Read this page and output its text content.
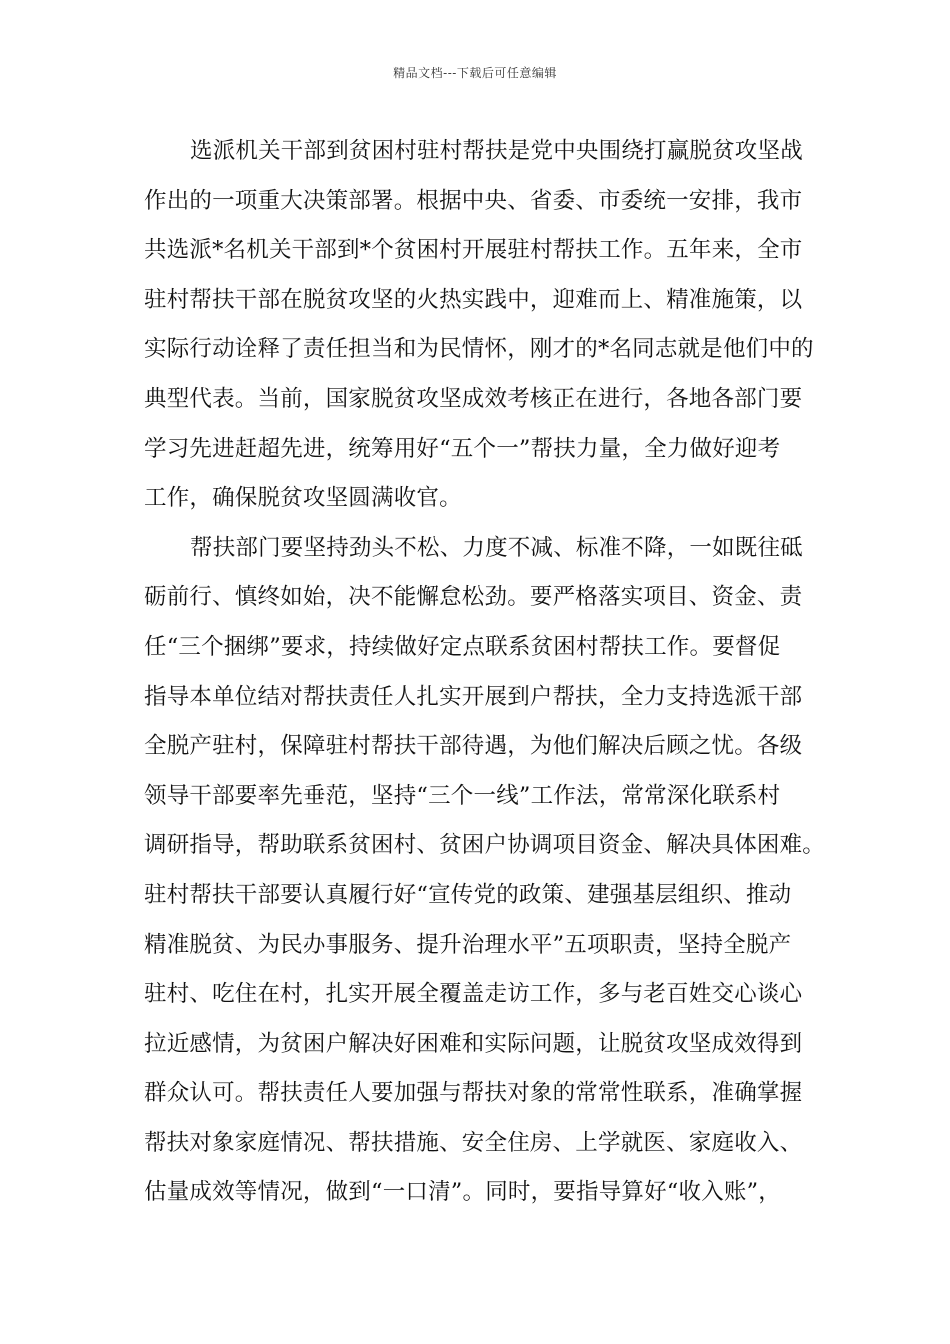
精品文档---下载后可任意编辑
选派机关干部到贫困村驻村帮扶是党中央围绕打赢脱贫攻坚战
作出的一项重大决策部署。根据中央、省委、市委统一安排，我市
共选派*名机关干部到*个贫困村开展驻村帮扶工作。五年来，全市
驻村帮扶干部在脱贫攻坚的火热实践中，迎难而上、精准施策，以
实际行动诠释了责任担当和为民情怀，刚才的*名同志就是他们中的
典型代表。当前，国家脱贫攻坚成效考核正在进行，各地各部门要
学习先进赶超先进，统筹用好“五个一”帮扶力量，全力做好迎考
工作，确保脱贫攻坚圆满收官。
帮扶部门要坚持劲头不松、力度不减、标准不降，一如既往砥
砺前行、慎终如始，决不能懈怠松劲。要严格落实项目、资金、责
任“三个捆绑”要求，持续做好定点联系贫困村帮扶工作。要督促
指导本单位结对帮扶责任人扎实开展到户帮扶，全力支持选派干部
全脱产驻村，保障驻村帮扶干部待遇，为他们解决后顾之忧。各级
领导干部要率先垂范，坚持“三个一线”工作法，常常深化联系村
调研指导，帮助联系贫困村、贫困户协调项目资金、解决具体困难。
驻村帮扶干部要认真履行好“宣传党的政策、建强基层组织、推动
精准脱贫、为民办事服务、提升治理水平”五项职责，坚持全脱产
驻村、吃住在村，扎实开展全覆盖走访工作，多与老百姓交心谈心
拉近感情，为贫困户解决好困难和实际问题，让脱贫攻坚成效得到
群众认可。帮扶责任人要加强与帮扶对象的常常性联系，准确掌握
帮扶对象家庭情况、帮扶措施、安全住房、上学就医、家庭收入、
估量成效等情况，做到“一口清”。同时，要指导算好“收入账”，
